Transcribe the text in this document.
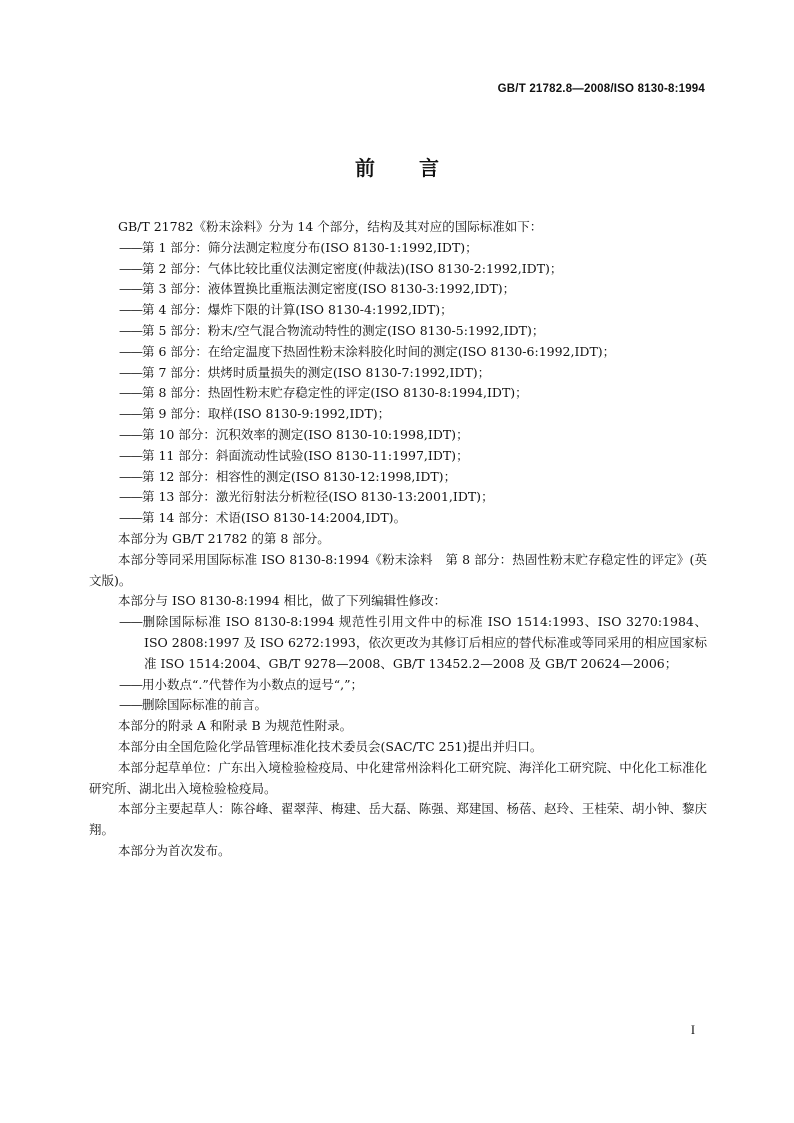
GB/T 21782.8—2008/ISO 8130-8:1994
前 言

GB/T 21782《粉末涂料》分为 14 个部分，结构及其对应的国际标准如下：

——第 1 部分：筛分法测定粒度分布(ISO 8130-1:1992,IDT)；

——第 2 部分：气体比较比重仪法测定密度(仲裁法)(ISO 8130-2:1992,IDT)；

——第 3 部分：液体置换比重瓶法测定密度(ISO 8130-3:1992,IDT)；

——第 4 部分：爆炸下限的计算(ISO 8130-4:1992,IDT)；

——第 5 部分：粉末/空气混合物流动特性的测定(ISO 8130-5:1992,IDT)；

——第 6 部分：在给定温度下热固性粉末涂料胶化时间的测定(ISO 8130-6:1992,IDT)；

——第 7 部分：烘烤时质量损失的测定(ISO 8130-7:1992,IDT)；

——第 8 部分：热固性粉末贮存稳定性的评定(ISO 8130-8:1994,IDT)；

——第 9 部分：取样(ISO 8130-9:1992,IDT)；

——第 10 部分：沉积效率的测定(ISO 8130-10:1998,IDT)；

——第 11 部分：斜面流动性试验(ISO 8130-11:1997,IDT)；

——第 12 部分：相容性的测定(ISO 8130-12:1998,IDT)；

——第 13 部分：激光衍射法分析粒径(ISO 8130-13:2001,IDT)；

——第 14 部分：术语(ISO 8130-14:2004,IDT)。

本部分为 GB/T 21782 的第 8 部分。

本部分等同采用国际标准 ISO 8130-8:1994《粉末涂料　第 8 部分：热固性粉末贮存稳定性的评定》(英文版)。

本部分与 ISO 8130-8:1994 相比，做了下列编辑性修改：

——删除国际标准 ISO 8130-8:1994 规范性引用文件中的标准 ISO 1514:1993、ISO 3270:1984、ISO 2808:1997 及 ISO 6272:1993，依次更改为其修订后相应的替代标准或等同采用的相应国家标准 ISO 1514:2004、GB/T 9278—2008、GB/T 13452.2—2008 及 GB/T 20624—2006；

——用小数点“.”代替作为小数点的逗号“,”；

——删除国际标准的前言。

本部分的附录 A 和附录 B 为规范性附录。

本部分由全国危险化学品管理标准化技术委员会(SAC/TC 251)提出并归口。

本部分起草单位：广东出入境检验检疫局、中化建常州涂料化工研究院、海洋化工研究院、中化化工标准化研究所、湖北出入境检验检疫局。

本部分主要起草人：陈谷峰、翟翠萍、梅建、岳大磊、陈强、郑建国、杨蓓、赵玲、王桂荣、胡小钟、黎庆翔。

本部分为首次发布。

I
